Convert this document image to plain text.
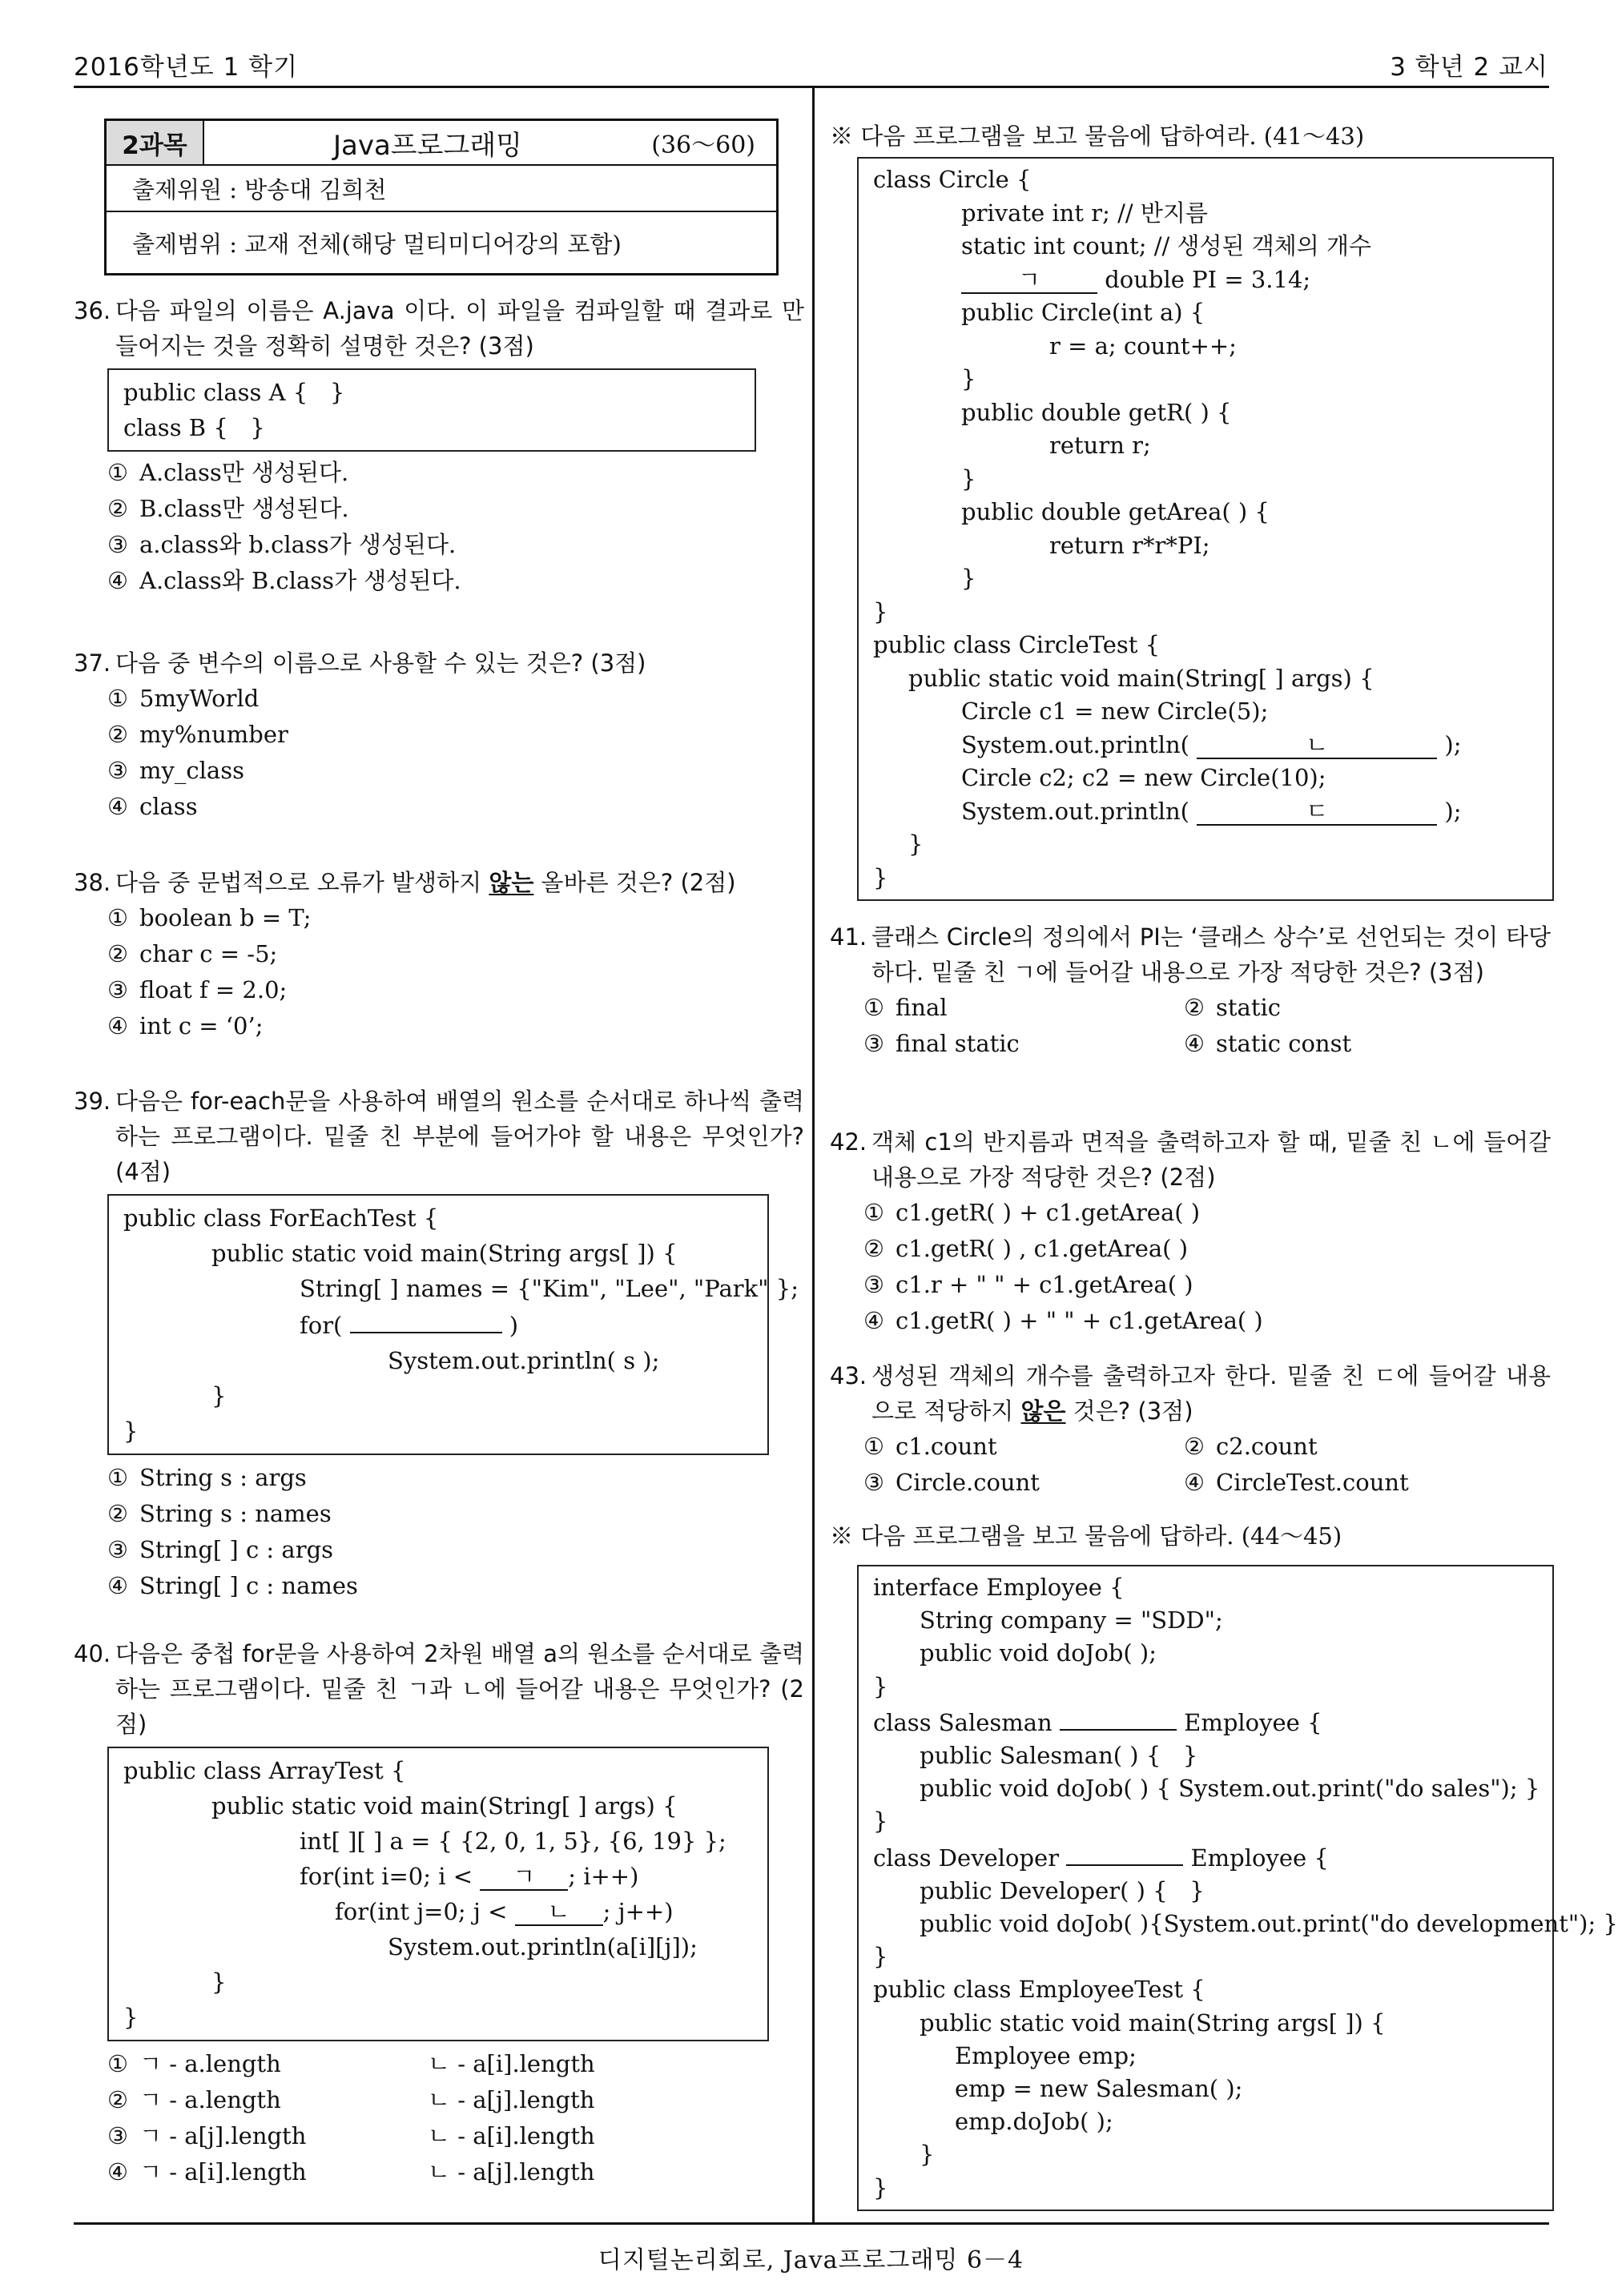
2016학년도 1 학기	3 학년 2 교시
2과목	Java프로그래밍	(36～60)
출제위원 : 방송대 김희천
출제범위 : 교재 전체(해당 멀티미디어강의 포함)
36. 다음 파일의 이름은 A.java 이다. 이 파일을 컴파일할 때 결과로 만들어지는 것을 정확히 설명한 것은? (3점)
public class A {   }
class B {   }
① A.class만 생성된다.
② B.class만 생성된다.
③ a.class와 b.class가 생성된다.
④ A.class와 B.class가 생성된다.
37. 다음 중 변수의 이름으로 사용할 수 있는 것은? (3점)
① 5myWorld
② my%number
③ my_class
④ class
38. 다음 중 문법적으로 오류가 발생하지 않는 올바른 것은? (2점)
① boolean b = T;
② char c = -5;
③ float f = 2.0;
④ int c = ‘0’;
39. 다음은 for-each문을 사용하여 배열의 원소를 순서대로 하나씩 출력하는 프로그램이다. 밑줄 친 부분에 들어가야 할 내용은 무엇인가? (4점)
public class ForEachTest {
public static void main(String args[ ]) {
String[ ] names = {"Kim", "Lee", "Park" };
for(	)
System.out.println( s );
}
}
① String s : args
② String s : names
③ String[ ] c : args
④ String[ ] c : names
40. 다음은 중첩 for문을 사용하여 2차원 배열 a의 원소를 순서대로 출력하는 프로그램이다. 밑줄 친 ㄱ과 ㄴ에 들어갈 내용은 무엇인가? (2점)
public class ArrayTest {
public static void main(String[ ] args) {
int[ ][ ] a = { {2, 0, 1, 5}, {6, 19} };
for(int i=0; i < ㄱ ; i++)
for(int j=0; j < ㄴ ; j++)
System.out.println(a[i][j]);
}
}
① ㄱ - a.length	ㄴ - a[i].length
② ㄱ - a.length	ㄴ - a[j].length
③ ㄱ - a[j].length	ㄴ - a[i].length
④ ㄱ - a[i].length	ㄴ - a[j].length
※ 다음 프로그램을 보고 물음에 답하여라. (41～43)
class Circle {
private int r; // 반지름
static int count; // 생성된 객체의 개수
ㄱ double PI = 3.14;
public Circle(int a) {
r = a; count++;
}
public double getR( ) {
return r;
}
public double getArea( ) {
return r*r*PI;
}
}
public class CircleTest {
public static void main(String[ ] args) {
Circle c1 = new Circle(5);
System.out.println(	ㄴ	);
Circle c2; c2 = new Circle(10);
System.out.println(	ㄷ	);
}
}
41. 클래스 Circle의 정의에서 PI는 ‘클래스 상수’로 선언되는 것이 타당하다. 밑줄 친 ㄱ에 들어갈 내용으로 가장 적당한 것은? (3점)
① final	② static
③ final static	④ static const
42. 객체 c1의 반지름과 면적을 출력하고자 할 때, 밑줄 친 ㄴ에 들어갈 내용으로 가장 적당한 것은? (2점)
① c1.getR( ) + c1.getArea( )
② c1.getR( ) , c1.getArea( )
③ c1.r + " " + c1.getArea( )
④ c1.getR( ) + " " + c1.getArea( )
43. 생성된 객체의 개수를 출력하고자 한다. 밑줄 친 ㄷ에 들어갈 내용으로 적당하지 않은 것은? (3점)
① c1.count	② c2.count
③ Circle.count	④ CircleTest.count
※ 다음 프로그램을 보고 물음에 답하라. (44～45)
interface Employee {
String company = "SDD";
public void doJob( );
}
class Salesman	Employee {
public Salesman( ) {   }
public void doJob( ) { System.out.print("do sales"); }
}
class Developer	Employee {
public Developer( ) {   }
public void doJob( ){System.out.print("do development"); }
}
public class EmployeeTest {
public static void main(String args[ ]) {
Employee emp;
emp = new Salesman( );
emp.doJob( );
}
}
디지털논리회로, Java프로그래밍 6－4
